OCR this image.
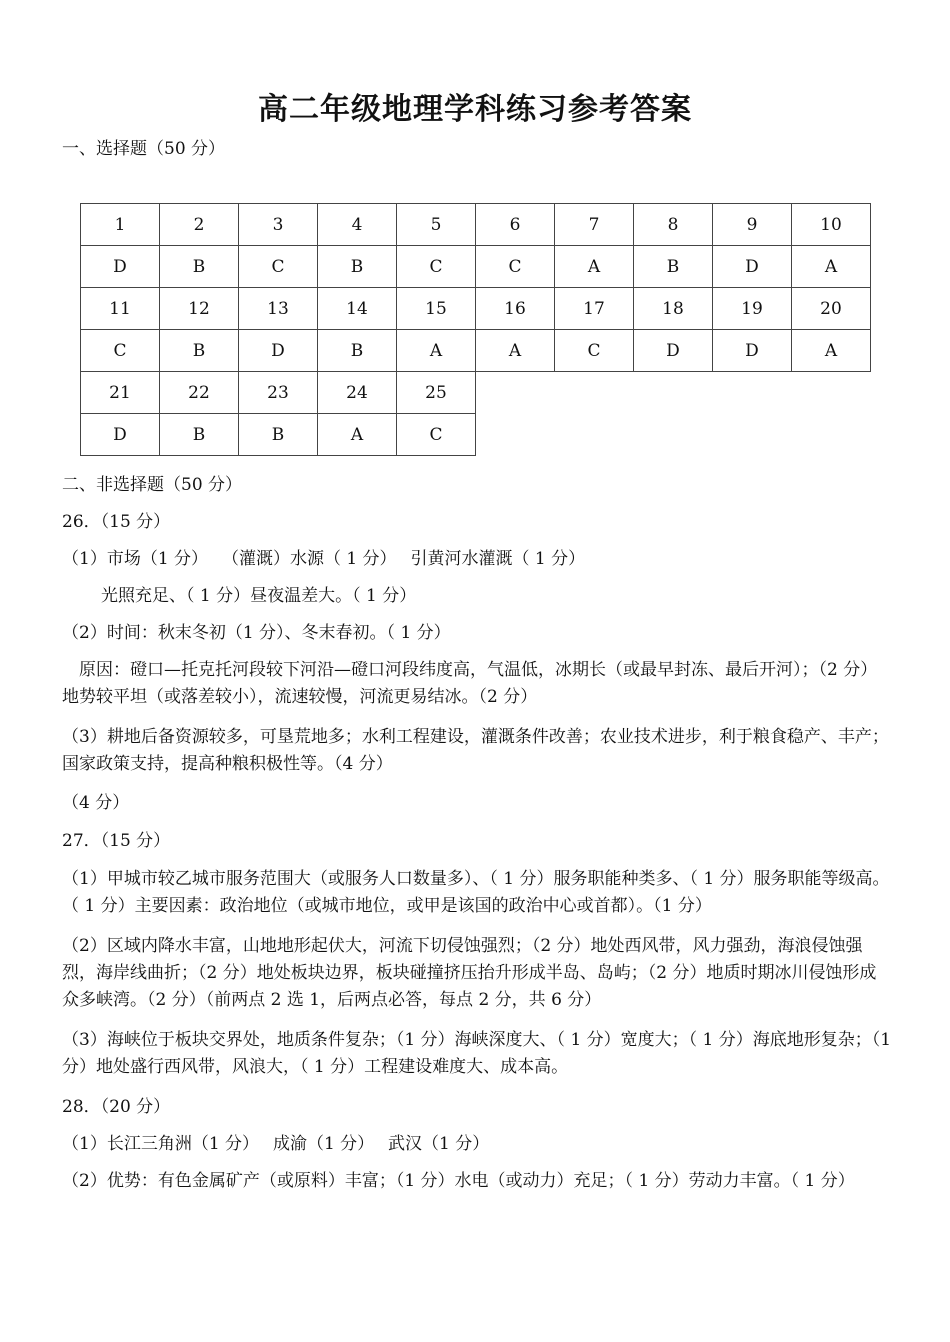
高二年级地理学科练习参考答案
一、选择题（50 分）
1	2	3	4	5	6	7	8	9	10
D	B	C	B	C	C	A	B	D	A
11	12	13	14	15	16	17	18	19	20
C	B	D	B	A	A	C	D	D	A
21	22	23	24	25					
D	B	B	A	C					
二、非选择题（50 分）
26．（15 分）
（1）市场（1 分）　 （灌溉）水源（ 1 分）　 引黄河水灌溉（ 1 分）
　光照充足、（ 1 分）昼夜温差大。（ 1 分）
（2）时间：秋末冬初（1 分）、冬末春初。（ 1 分）
　原因：磴口—托克托河段较下河沿—磴口河段纬度高，气温低，冰期长（或最早封冻、最后开河）；（2 分）地势较平坦（或落差较小），流速较慢，河流更易结冰。（2 分）
（3）耕地后备资源较多，可垦荒地多；水利工程建设，灌溉条件改善；农业技术进步，利于粮食稳产、丰产；国家政策支持，提高种粮积极性等。（4 分）
（4 分）
27．（15 分）
（1）甲城市较乙城市服务范围大（或服务人口数量多）、（ 1 分）服务职能种类多、（ 1 分）服务职能等级高。（ 1 分）主要因素：政治地位（或城市地位，或甲是该国的政治中心或首都）。（1 分）
（2）区域内降水丰富，山地地形起伏大，河流下切侵蚀强烈；（2 分）地处西风带，风力强劲，海浪侵蚀强烈，海岸线曲折；（2 分）地处板块边界，板块碰撞挤压抬升形成半岛、岛屿；（2 分）地质时期冰川侵蚀形成众多峡湾。（2 分）（前两点 2 选 1，后两点必答，每点 2 分，共 6 分）
（3）海峡位于板块交界处，地质条件复杂；（1 分）海峡深度大、（ 1 分）宽度大；（ 1 分）海底地形复杂；（1 分）地处盛行西风带，风浪大，（ 1 分）工程建设难度大、成本高。
28．（20 分）
（1）长江三角洲（1 分）　 成渝（1 分）　 武汉（1 分）
（2）优势：有色金属矿产（或原料）丰富；（1 分）水电（或动力）充足；（ 1 分）劳动力丰富。（ 1 分）
